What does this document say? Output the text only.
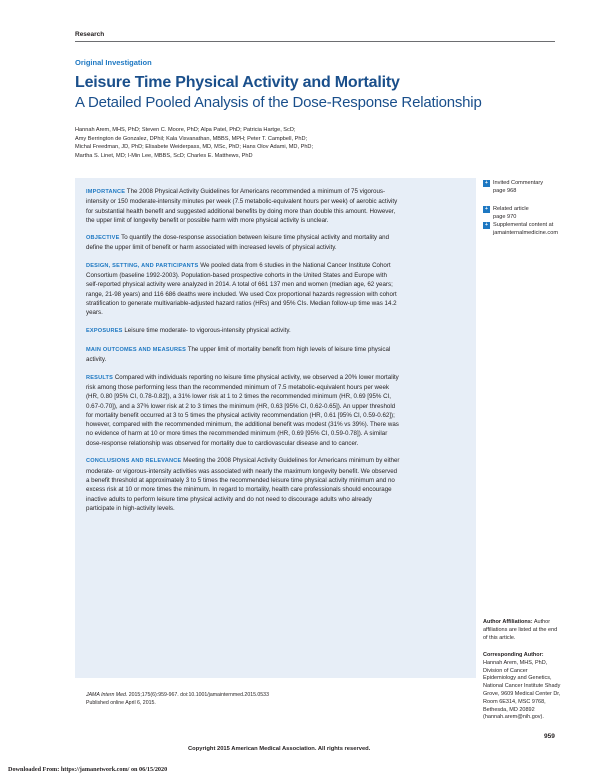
Research
Original Investigation
Leisure Time Physical Activity and Mortality
A Detailed Pooled Analysis of the Dose-Response Relationship
Hannah Arem, MHS, PhD; Steven C. Moore, PhD; Alpa Patel, PhD; Patricia Hartge, ScD;
Amy Berrington de Gonzalez, DPhil; Kala Visvanathan, MBBS, MPH; Peter T. Campbell, PhD;
Michal Freedman, JD, PhD; Elisabete Weiderpass, MD, MSc, PhD; Hans Olov Adami, MD, PhD;
Martha S. Linet, MD; I-Min Lee, MBBS, ScD; Charles E. Matthews, PhD

IMPORTANCE The 2008 Physical Activity Guidelines for Americans recommended a minimum of 75 vigorous-intensity or 150 moderate-intensity minutes per week (7.5 metabolic-equivalent hours per week) of aerobic activity for substantial health benefit and suggested additional benefits by doing more than double this amount. However, the upper limit of longevity benefit or possible harm with more physical activity is unclear.

OBJECTIVE To quantify the dose-response association between leisure time physical activity and mortality and define the upper limit of benefit or harm associated with increased levels of physical activity.

DESIGN, SETTING, AND PARTICIPANTS We pooled data from 6 studies in the National Cancer Institute Cohort Consortium (baseline 1992-2003). Population-based prospective cohorts in the United States and Europe with self-reported physical activity were analyzed in 2014. A total of 661 137 men and women (median age, 62 years; range, 21-98 years) and 116 686 deaths were included. We used Cox proportional hazards regression with cohort stratification to generate multivariable-adjusted hazard ratios (HRs) and 95% CIs. Median follow-up time was 14.2 years.

EXPOSURES Leisure time moderate- to vigorous-intensity physical activity.

MAIN OUTCOMES AND MEASURES The upper limit of mortality benefit from high levels of leisure time physical activity.

RESULTS Compared with individuals reporting no leisure time physical activity, we observed a 20% lower mortality risk among those performing less than the recommended minimum of 7.5 metabolic-equivalent hours per week (HR, 0.80 [95% CI, 0.78-0.82]), a 31% lower risk at 1 to 2 times the recommended minimum (HR, 0.69 [95% CI, 0.67-0.70]), and a 37% lower risk at 2 to 3 times the minimum (HR, 0.63 [95% CI, 0.62-0.65]). An upper threshold for mortality benefit occurred at 3 to 5 times the physical activity recommendation (HR, 0.61 [95% CI, 0.59-0.62]); however, compared with the recommended minimum, the additional benefit was modest (31% vs 39%). There was no evidence of harm at 10 or more times the recommended minimum (HR, 0.69 [95% CI, 0.59-0.78]). A similar dose-response relationship was observed for mortality due to cardiovascular disease and to cancer.

CONCLUSIONS AND RELEVANCE Meeting the 2008 Physical Activity Guidelines for Americans minimum by either moderate- or vigorous-intensity activities was associated with nearly the maximum longevity benefit. We observed a benefit threshold at approximately 3 to 5 times the recommended leisure time physical activity minimum and no excess risk at 10 or more times the minimum. In regard to mortality, health care professionals should encourage inactive adults to perform leisure time physical activity and do not need to discourage adults who already participate in high-activity levels.

JAMA Intern Med. 2015;175(6):959-967. doi:10.1001/jamainternmed.2015.0533
Published online April 6, 2015.
+ Invited Commentary
page 968
+ Related article
page 970
+ Supplemental content at
jamainternalmedicine.com
Author Affiliations: Author affiliations are listed at the end of this article.
Corresponding Author: Hannah Arem, MHS, PhD, Division of Cancer Epidemiology and Genetics, National Cancer Institute Shady Grove, 9609 Medical Center Dr, Room 6E314, MSC 9768, Bethesda, MD 20892 (hannah.arem@nih.gov).
959
Copyright 2015 American Medical Association. All rights reserved.
Downloaded From: https://jamanetwork.com/ on 06/15/2020
